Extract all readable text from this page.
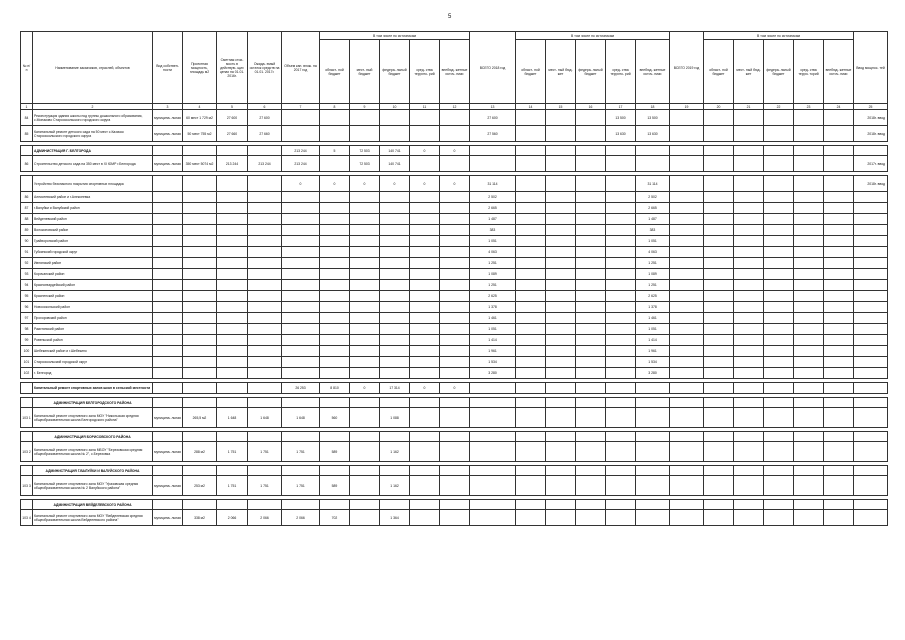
5
№ п/п	Наименование заказчиков, отраслей, объектов	Вид собствен- ности	Проектная мощность, площадь м2	Сметная стои- мость в действую- щих ценах на 01.01. 2016г.	Ожида- емый остаток средств на 01.01. 2017г.	Объем кап. влож. на 2017 год	В том числе по источникам					ВСЕГО 2018 год	В том числе по источникам					ВСЕГО 2019 год	В том числе по источникам					Ввод мощнос- тей
							област- ной бюджет	мест- ный бюджет	федера- льный бюджет	сред- ства террито- рий	внебюд- жетные источ- ники		област- ной бюджет	мест- ный бюд- жет	федера- льный бюджет	сред- ства террито- рий	внебюд- жетные источ- ники		област- ной бюджет	мест- ный бюд- жет	федера- льный бюджет	сред- ства терри- торий	внебюд- жетные источ- ники	
1	2	3	4	5	6	7	8	9	10	11	12	13	14	15	16	17	18	19	20	21	22	23	24	25
84	Реконструкция здания школы под группы дошкольного образования, с.Монаково Старооскольского городского округа	муниципа- льная	60 мест 1 729 м2	27 600	27 600							27 600				13 500	13 500							2018г. ввод
85	Капитальный ремонт детского сада на 50 мест с.Казачок Старооскольского городского округа	муниципа- льная	50 мест 755 м2	27 660	27 660							27 560				13 630	13 630							2018г. ввод

	АДМИНИСТРАЦИЯ Г. БЕЛГОРОДА					213 244	5	72 503	140 741	0	0													
86	Строительство детского сада на 350 мест в XI ЮМР г.Белгорода	муниципа- льная	350 мест 5074 м2	213 244	213 244	213 244		72 503	140 741															2017г. ввод

	Устройство безопасного покрытия спортивных площадок					0	0	0	0	0	0	31 114					31 114							2018г. ввод
86	Алексеевский район и г.Алексеевка											2 502					2 502							
87	г.Валуйки и Валуйский район											2 665					2 665							
88	Вейделевский район											1 487					1 487							
89	Волоконовский район											383					383							
90	Грайворонский район											1 051					1 051							
91	Губкинский городской округ											4 063					4 063							
92	Ивнянский район											1 251					1 251							
93	Корочанский район											1 089					1 089							
94	Красногвардейский район											1 251					1 251							
95	Красненский район											2 625					2 625							
96	Новооскольский район											1 378					1 378							
97	Прохоровский район											1 461					1 461							
98	Ракитянский район											1 051					1 051							
99	Ровеньской район											1 414					1 414							
100	Шебекинский район и г.Шебекино											1 961					1 961							
101	Старооскольский городской округ											1 534					1 534							
102	г. Белгород											3 280					3 280							

	Капитальный ремонт спортивных залов школ в сельской местности					26 253	8 810	0	17 314	0	0													

	АДМИНИСТРАЦИЯ БЕЛГОРОДСКОГО РАЙОНА																							
103 1	Капитальный ремонт спортивного зала МОУ "Никольская средняя общеобразовательная школа Белгородского района"	муниципа- льная	265,5 м2	1 648	1 648	1 648	560		1 088															

	АДМИНИСТРАЦИЯ БОРИСОВСКОГО РАЙОНА																							
103 2	Капитальный ремонт спортивного зала МБОУ "Березовская средняя общеобразовательная школа № 2", с.Березовка	муниципа- льная	288 м2	1 751	1 751	1 751	589		1 162															

	АДМИНИСТРАЦИЯ Г.ВАЛУЙКИ И ВАЛУЙСКОГО РАЙОНА																							
103 3	Капитальный ремонт спортивного зала МОУ "Уразовская средняя общеобразовательная школа № 2 Валуйского района"	муниципа- льная	253 м2	1 751	1 751	1 751	589		1 162															

	АДМИНИСТРАЦИЯ ВЕЙДЕЛЕВСКОГО РАЙОНА																							
103 4	Капитальный ремонт спортивного зала МОУ "Вейделевская средняя общеобразовательная школа Вейделевского района"	муниципа- льная	338 м2	2 066	2 066	2 066	702		1 364															
